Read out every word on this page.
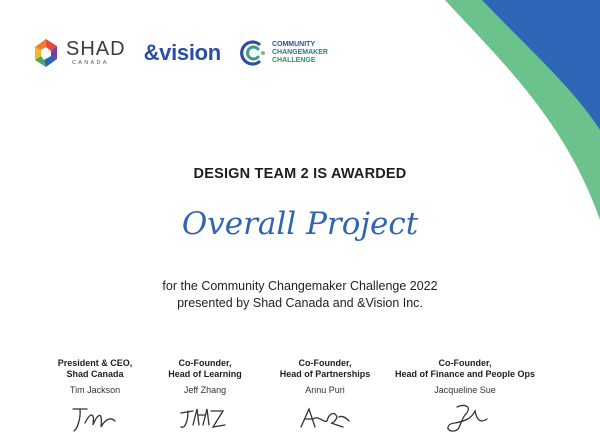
SHAD
CANADA	&vision	COMMUNITY
CHANGEMAKER
CHALLENGE
DESIGN TEAM 2 IS AWARDED
Overall Project
for the Community Changemaker Challenge 2022
presented by Shad Canada and &Vision Inc.
President & CEO,
Shad Canada
Tim Jackson
Co-Founder,
Head of Learning
Jeff Zhang
Co-Founder,
Head of Partnerships
Annu Puri
Co-Founder,
Head of Finance and People Ops
Jacqueline Sue
